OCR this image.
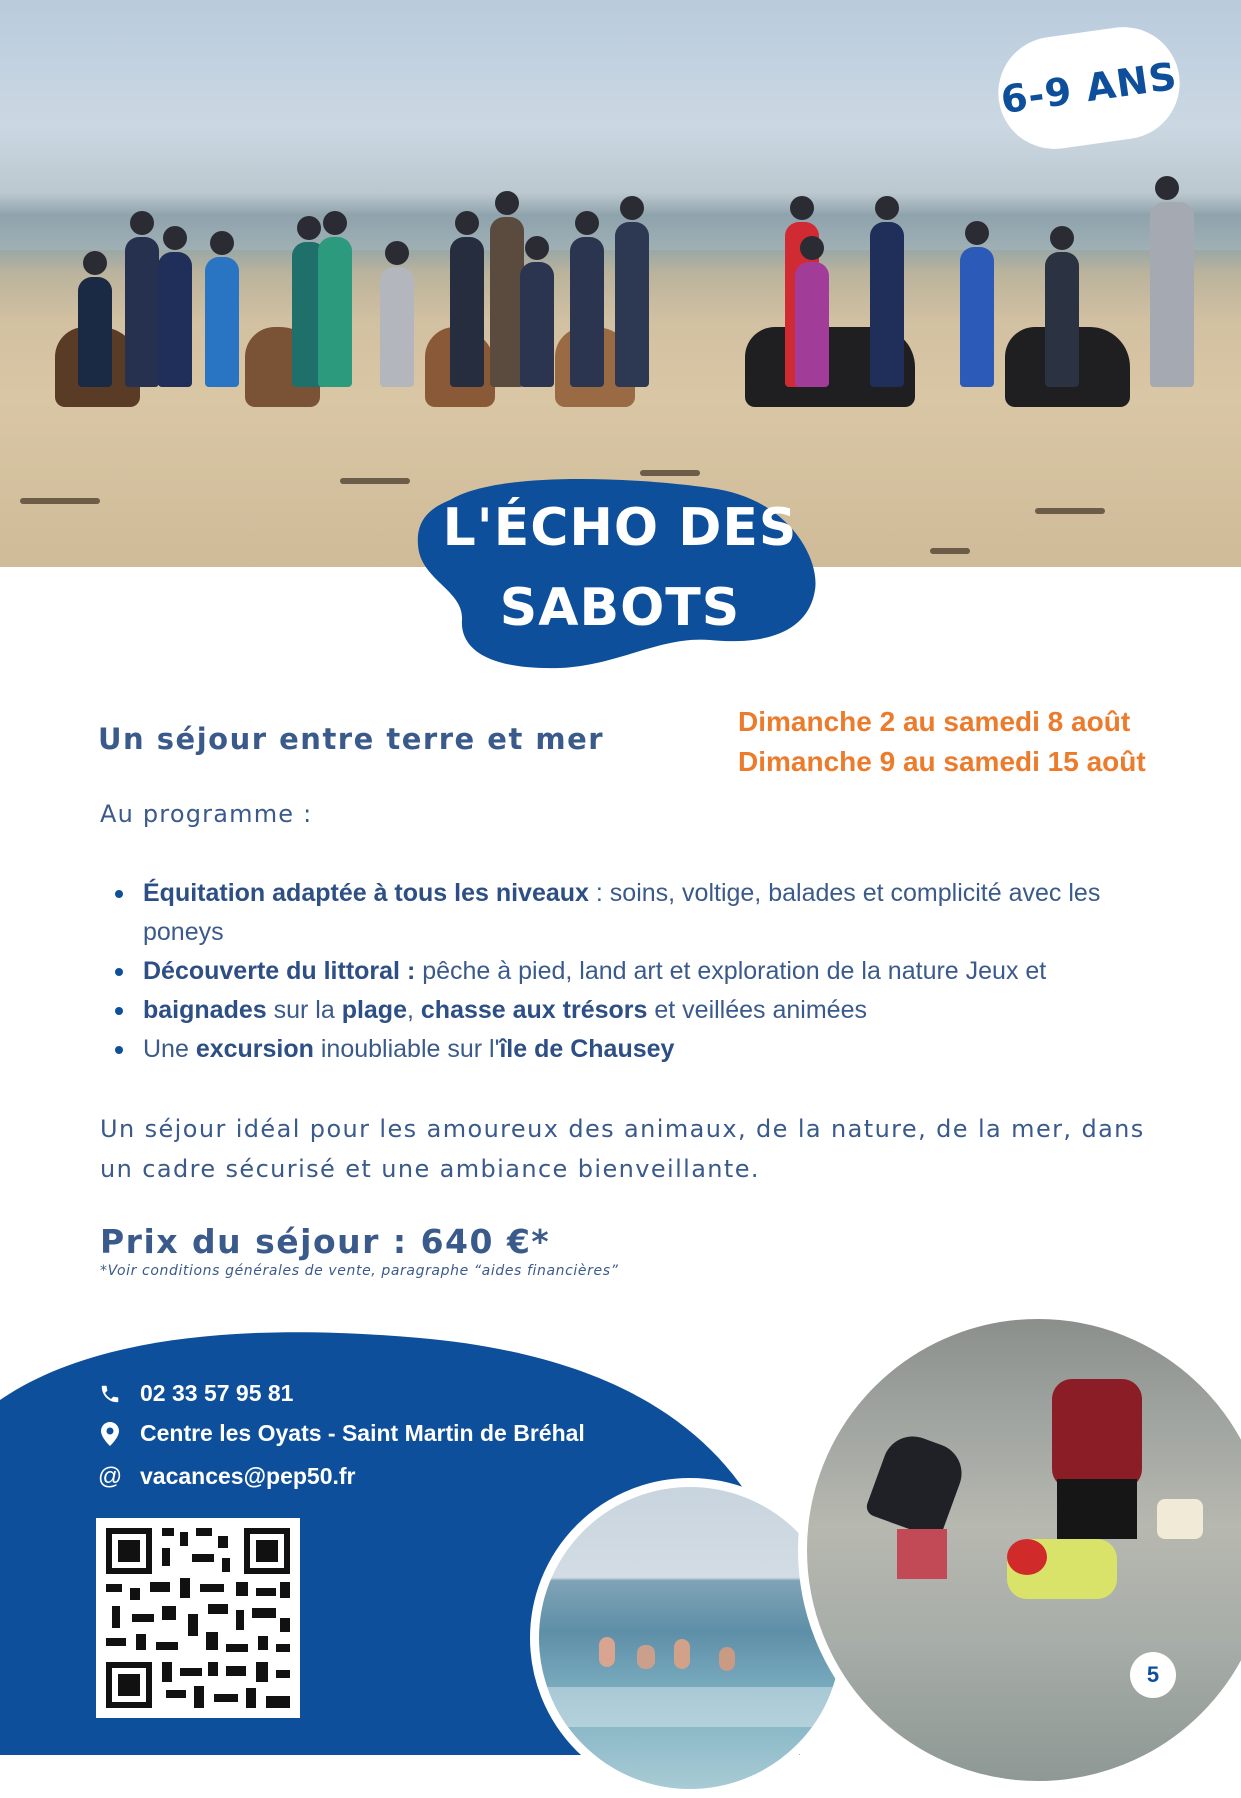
6-9 ANS
L'ÉCHO DES
SABOTS
Un séjour entre terre et mer
Dimanche 2 au samedi 8 août
Dimanche 9 au samedi 15 août
Au programme :
Équitation adaptée à tous les niveaux : soins, voltige, balades et complicité avec les poneys
Découverte du littoral : pêche à pied, land art et exploration de la nature Jeux et
baignades sur la plage, chasse aux trésors et veillées animées
Une excursion inoubliable sur l'île de Chausey
Un séjour idéal pour les amoureux des animaux, de la nature, de la mer, dans un cadre sécurisé et une ambiance bienveillante.
Prix du séjour : 640 €*
*Voir conditions générales de vente, paragraphe “aides financières”
02 33 57 95 81
Centre les Oyats - Saint Martin de Bréhal
@ vacances@pep50.fr
5
